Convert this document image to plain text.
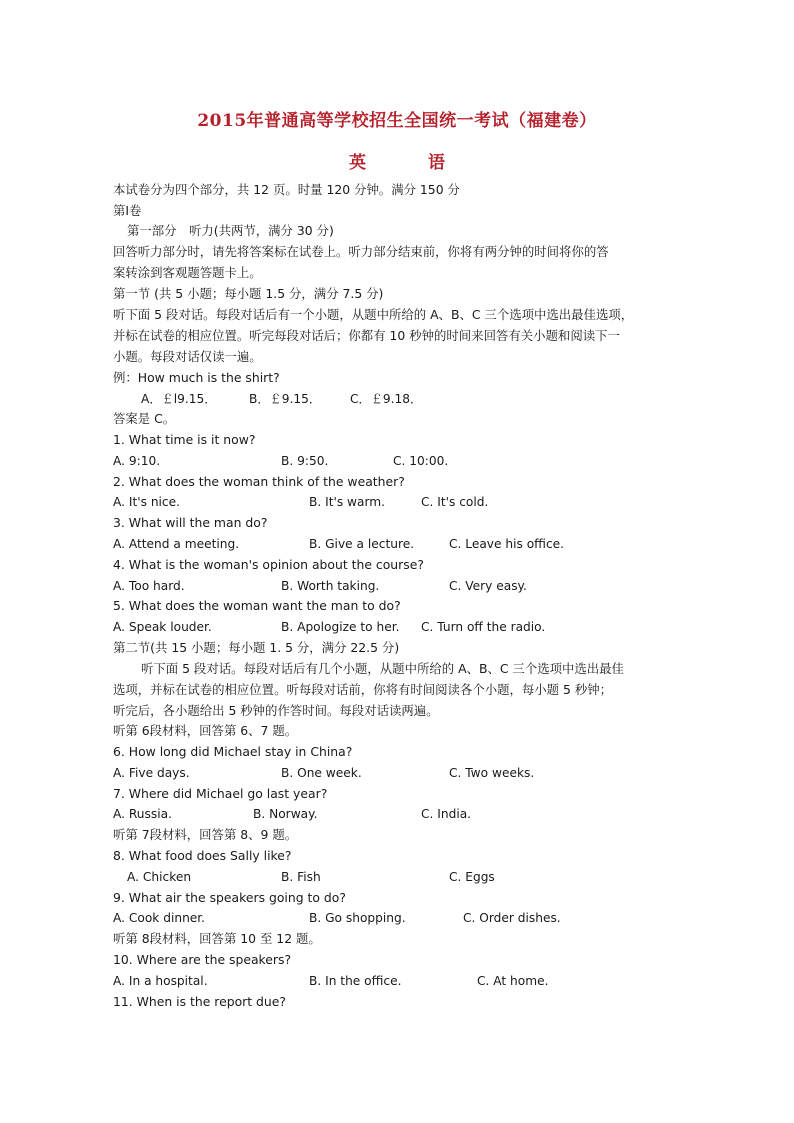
2015年普通高等学校招生全国统一考试（福建卷）
英 语
本试卷分为四个部分，共 12 页。时量 120 分钟。满分 150 分
第Ⅰ卷
第一部分　听力(共两节，满分 30 分)
回答听力部分时，请先将答案标在试卷上。听力部分结束前，你将有两分钟的时间将你的答
案转涂到客观题答题卡上。
第一节 (共 5 小题；每小题 1.5 分，满分 7.5 分)
听下面 5 段对话。每段对话后有一个小题，从题中所给的 A、B、C 三个选项中选出最佳选项，
并标在试卷的相应位置。听完每段对话后；你都有 10 秒钟的时间来回答有关小题和阅读下一
小题。每段对话仅读一遍。
例：How much is the shirt?
A．￡l9.15．	B．￡9.15． C．￡9.18．
答案是 C。
1. What time is it now?
A. 9:10.	B. 9:50.	C. 10:00.
2. What does the woman think of the weather?
A. It's nice.	B. It's warm.	C. It's cold.
3. What will the man do?
A. Attend a meeting.	B. Give a lecture.	C. Leave his office.
4. What is the woman's opinion about the course?
A. Too hard.	B. Worth taking.	C. Very easy.
5. What does the woman want the man to do?
A. Speak louder.	B. Apologize to her. C. Turn off the radio.
第二节(共 15 小题；每小题 1. 5 分，满分 22.5 分)
听下面 5 段对话。每段对话后有几个小题，从题中所给的 A、B、C 三个选项中选出最佳
选项，并标在试卷的相应位置。听每段对话前，你将有时间阅读各个小题，每小题 5 秒钟；
听完后，各小题给出 5 秒钟的作答时间。每段对话读两遍。
听第 6段材料，回答第 6、7 题。
6. How long did Michael stay in China?
A. Five days.	B. One week.	C. Two weeks.
7. Where did Michael go last year?
A. Russia.	B. Norway.	C. India.
听第 7段材料，回答第 8、9 题。
8. What food does Sally like?
A. Chicken	B. Fish	C. Eggs
9. What air the speakers going to do?
A. Cook dinner.	B. Go shopping.	C. Order dishes.
听第 8段材料，回答第 10 至 12 题。
10. Where are the speakers?
A. In a hospital.	B. In the office.	C. At home.
11. When is the report due?
